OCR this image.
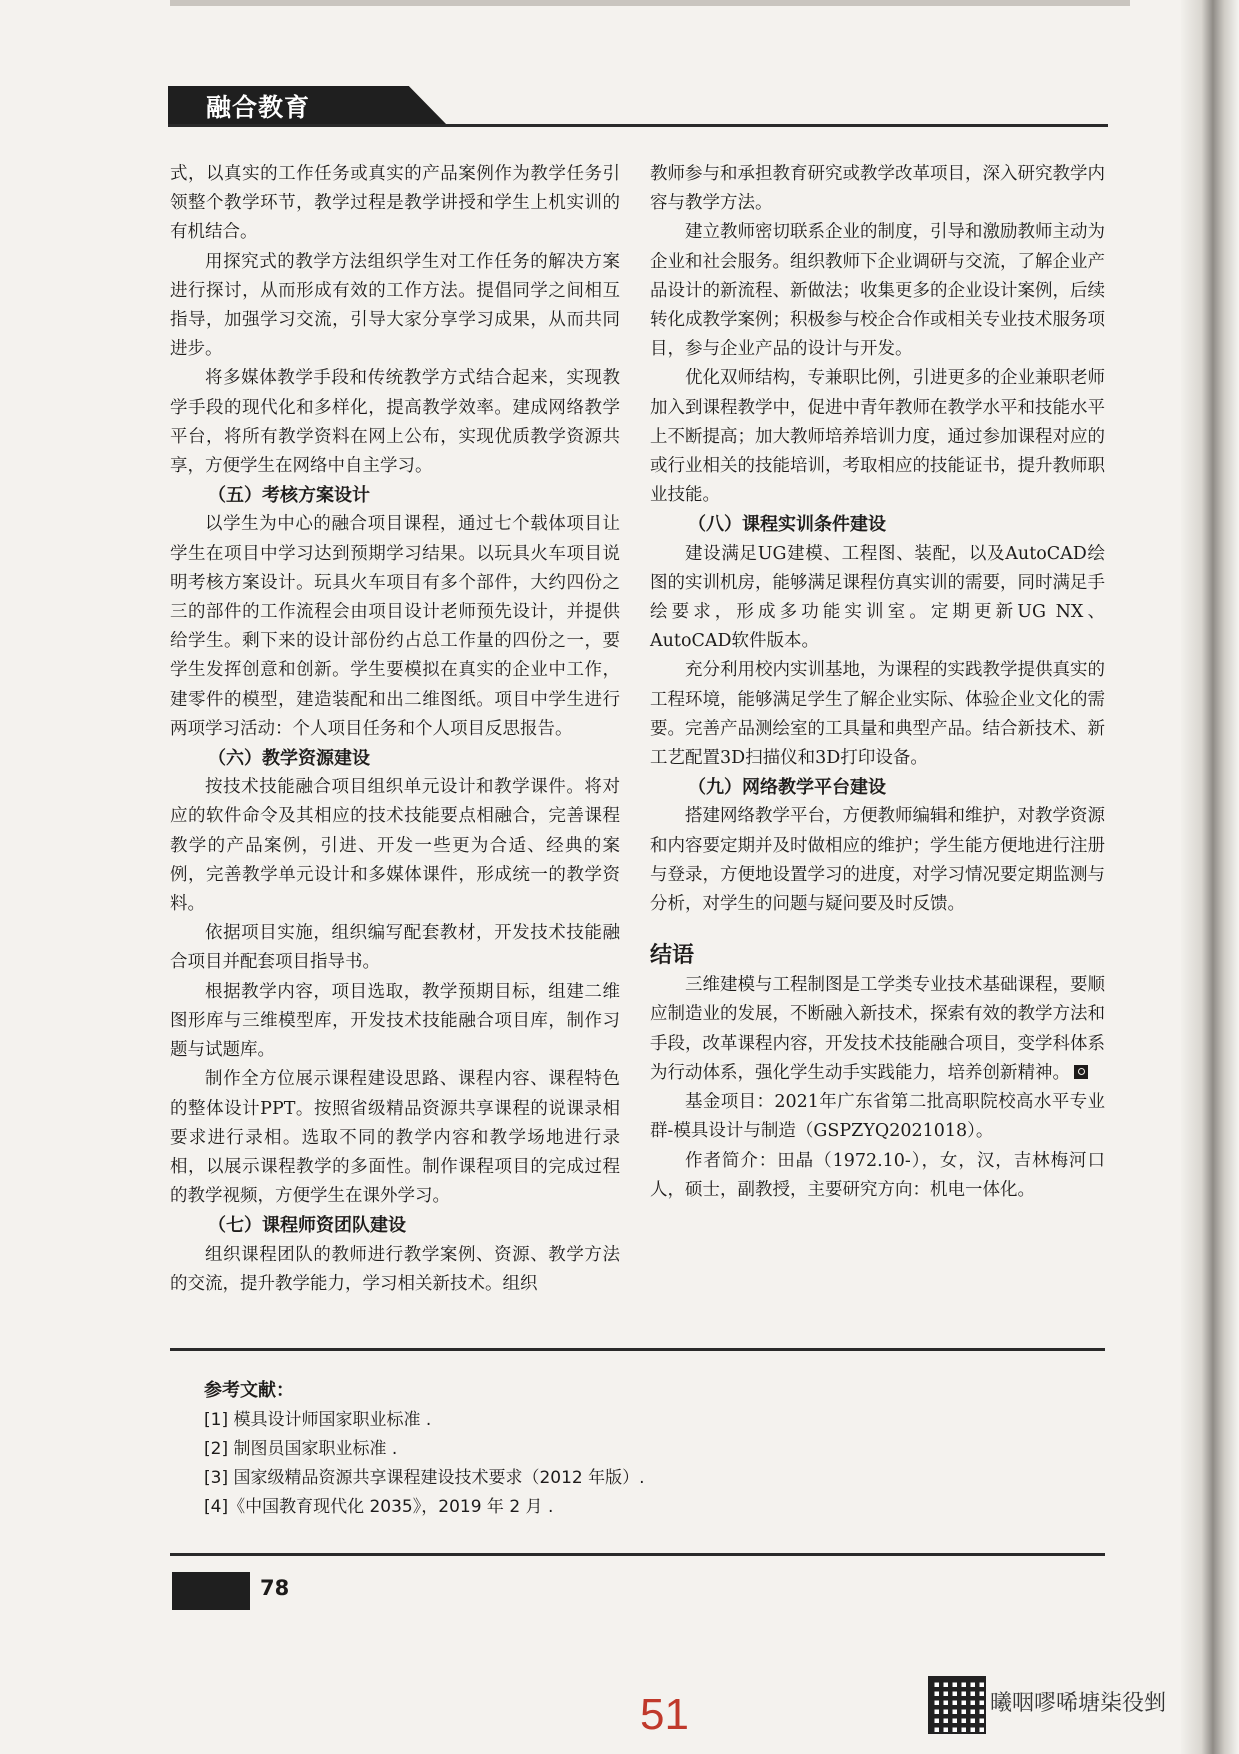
融合教育

式，以真实的工作任务或真实的产品案例作为教学任务引领整个教学环节，教学过程是教学讲授和学生上机实训的有机结合。

用探究式的教学方法组织学生对工作任务的解决方案进行探讨，从而形成有效的工作方法。提倡同学之间相互指导，加强学习交流，引导大家分享学习成果，从而共同进步。

将多媒体教学手段和传统教学方式结合起来，实现教学手段的现代化和多样化，提高教学效率。建成网络教学平台，将所有教学资料在网上公布，实现优质教学资源共享，方便学生在网络中自主学习。

（五）考核方案设计

以学生为中心的融合项目课程，通过七个载体项目让学生在项目中学习达到预期学习结果。以玩具火车项目说明考核方案设计。玩具火车项目有多个部件，大约四份之三的部件的工作流程会由项目设计老师预先设计，并提供给学生。剩下来的设计部份约占总工作量的四份之一，要学生发挥创意和创新。学生要模拟在真实的企业中工作，建零件的模型，建造装配和出二维图纸。项目中学生进行两项学习活动：个人项目任务和个人项目反思报告。

（六）教学资源建设

按技术技能融合项目组织单元设计和教学课件。将对应的软件命令及其相应的技术技能要点相融合，完善课程教学的产品案例，引进、开发一些更为合适、经典的案例，完善教学单元设计和多媒体课件，形成统一的教学资料。

依据项目实施，组织编写配套教材，开发技术技能融合项目并配套项目指导书。

根据教学内容，项目选取，教学预期目标，组建二维图形库与三维模型库，开发技术技能融合项目库，制作习题与试题库。

制作全方位展示课程建设思路、课程内容、课程特色的整体设计PPT。按照省级精品资源共享课程的说课录相要求进行录相。选取不同的教学内容和教学场地进行录相，以展示课程教学的多面性。制作课程项目的完成过程的教学视频，方便学生在课外学习。

（七）课程师资团队建设

组织课程团队的教师进行教学案例、资源、教学方法的交流，提升教学能力，学习相关新技术。组织

教师参与和承担教育研究或教学改革项目，深入研究教学内容与教学方法。

建立教师密切联系企业的制度，引导和激励教师主动为企业和社会服务。组织教师下企业调研与交流，了解企业产品设计的新流程、新做法；收集更多的企业设计案例，后续转化成教学案例；积极参与校企合作或相关专业技术服务项目，参与企业产品的设计与开发。

优化双师结构，专兼职比例，引进更多的企业兼职老师加入到课程教学中，促进中青年教师在教学水平和技能水平上不断提高；加大教师培养培训力度，通过参加课程对应的或行业相关的技能培训，考取相应的技能证书，提升教师职业技能。

（八）课程实训条件建设

建设满足UG建模、工程图、装配，以及AutoCAD绘图的实训机房，能够满足课程仿真实训的需要，同时满足手绘要求，形成多功能实训室。定期更新UG NX、AutoCAD软件版本。

充分利用校内实训基地，为课程的实践教学提供真实的工程环境，能够满足学生了解企业实际、体验企业文化的需要。完善产品测绘室的工具量和典型产品。结合新技术、新工艺配置3D扫描仪和3D打印设备。

（九）网络教学平台建设

搭建网络教学平台，方便教师编辑和维护，对教学资源和内容要定期并及时做相应的维护；学生能方便地进行注册与登录，方便地设置学习的进度，对学习情况要定期监测与分析，对学生的问题与疑问要及时反馈。

结语

三维建模与工程制图是工学类专业技术基础课程，要顺应制造业的发展，不断融入新技术，探索有效的教学方法和手段，改革课程内容，开发技术技能融合项目，变学科体系为行动体系，强化学生动手实践能力，培养创新精神。

基金项目：2021年广东省第二批高职院校高水平专业群-模具设计与制造（GSPZYQ2021018）。

作者简介：田晶（1972.10-），女，汉，吉林梅河口人，硕士，副教授，主要研究方向：机电一体化。

参考文献：
[1] 模具设计师国家职业标准 .
[2] 制图员国家职业标准 .
[3] 国家级精品资源共享课程建设技术要求（2012 年版）.
[4]《中国教育现代化 2035》，2019 年 2 月 .
78
51	曦咽嘐唏塘柒役剉
